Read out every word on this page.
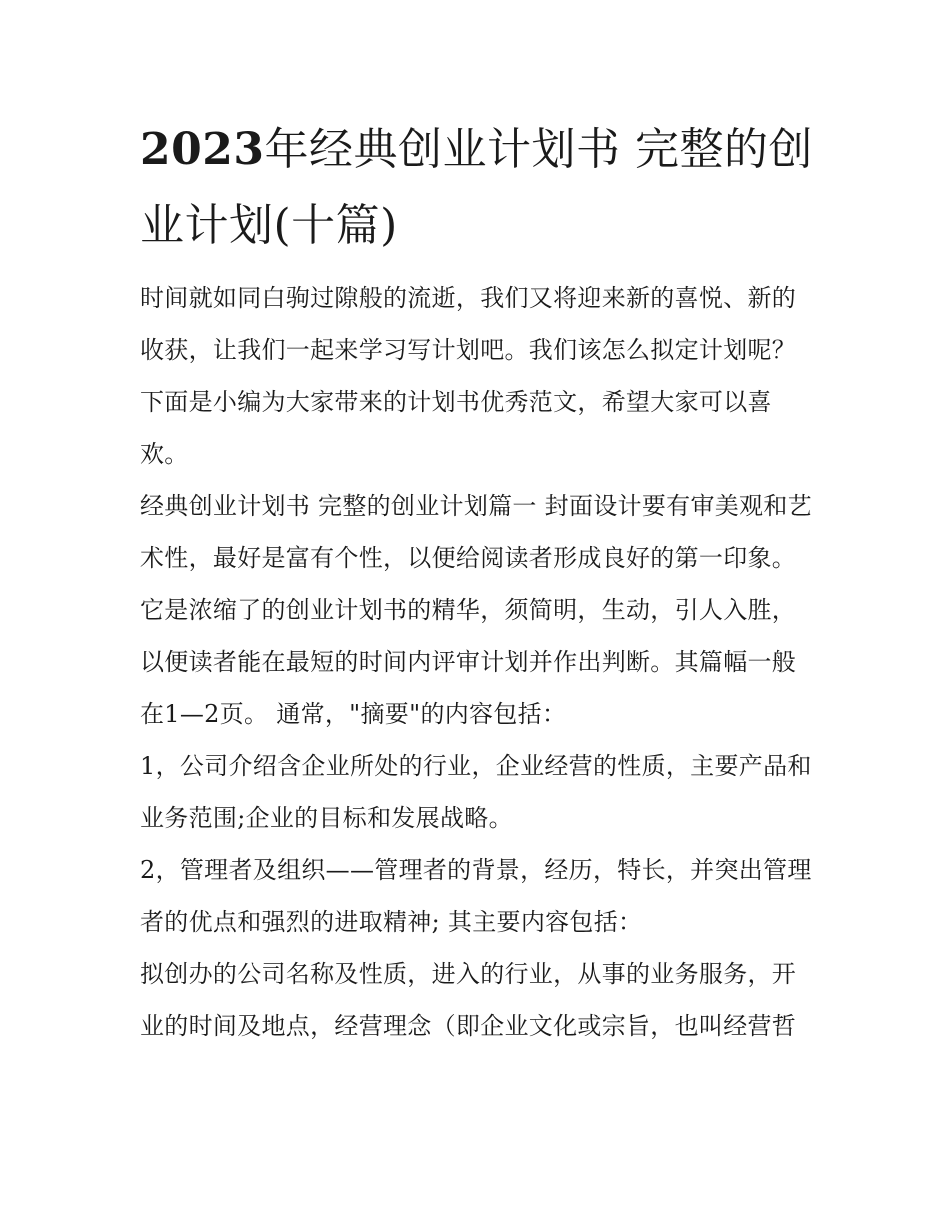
2023年经典创业计划书 完整的创业计划(十篇)

时间就如同白驹过隙般的流逝，我们又将迎来新的喜悦、新的收获，让我们一起来学习写计划吧。我们该怎么拟定计划呢？下面是小编为大家带来的计划书优秀范文，希望大家可以喜欢。

经典创业计划书 完整的创业计划篇一 封面设计要有审美观和艺术性，最好是富有个性，以便给阅读者形成良好的第一印象。

它是浓缩了的创业计划书的精华，须简明，生动，引人入胜，以便读者能在最短的时间内评审计划并作出判断。其篇幅一般在1—2页。 通常，"摘要"的内容包括：

1，公司介绍含企业所处的行业，企业经营的性质，主要产品和业务范围;企业的目标和发展战略。

2，管理者及组织——管理者的背景，经历，特长，并突出管理者的优点和强烈的进取精神; 其主要内容包括：

拟创办的公司名称及性质，进入的行业，从事的业务服务，开业的时间及地点，经营理念（即企业文化或宗旨，也叫经营哲
